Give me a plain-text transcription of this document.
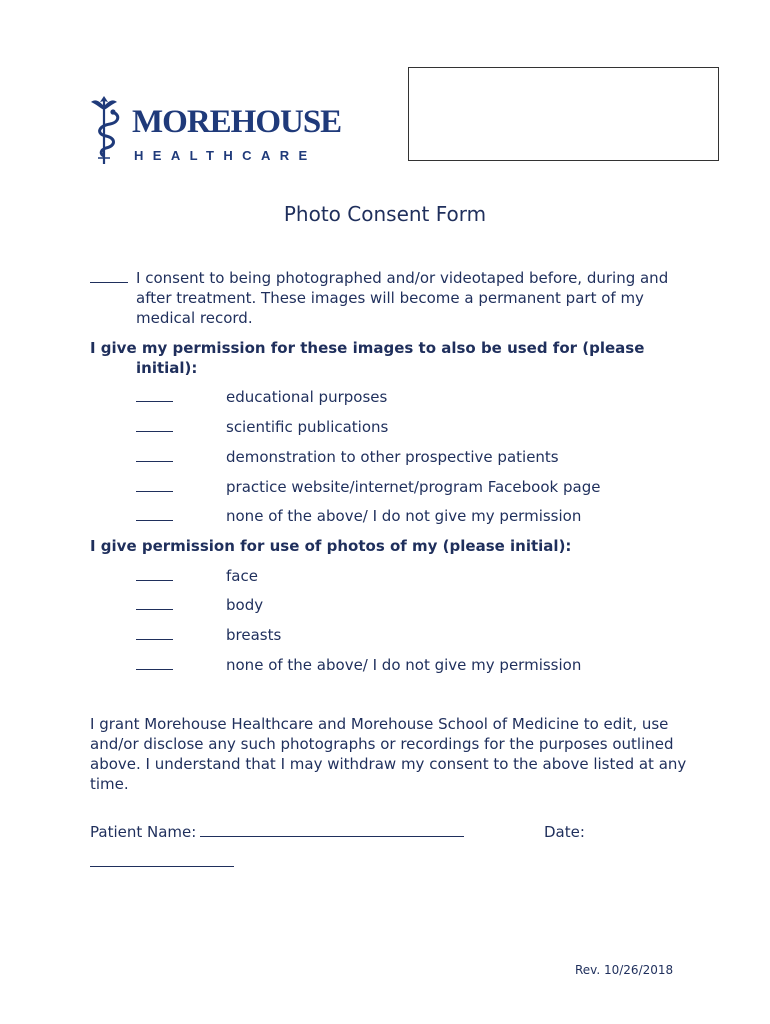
MOREHOUSE

HEALTHCARE

Photo Consent Form

I consent to being photographed and/or videotaped before, during and after treatment. These images will become a permanent part of my medical record.

I give my permission for these images to also be used for (please
initial):

educational purposes
scientific publications
demonstration to other prospective patients
practice website/internet/program Facebook page
none of the above/ I do not give my permission

I give permission for use of photos of my (please initial):

face
body
breasts
none of the above/ I do not give my permission

I grant Morehouse Healthcare and Morehouse School of Medicine to edit, use and/or disclose any such photographs or recordings for the purposes outlined above. I understand that I may withdraw my consent to the above listed at any time.

Patient Name:	Date:
Rev. 10/26/2018
